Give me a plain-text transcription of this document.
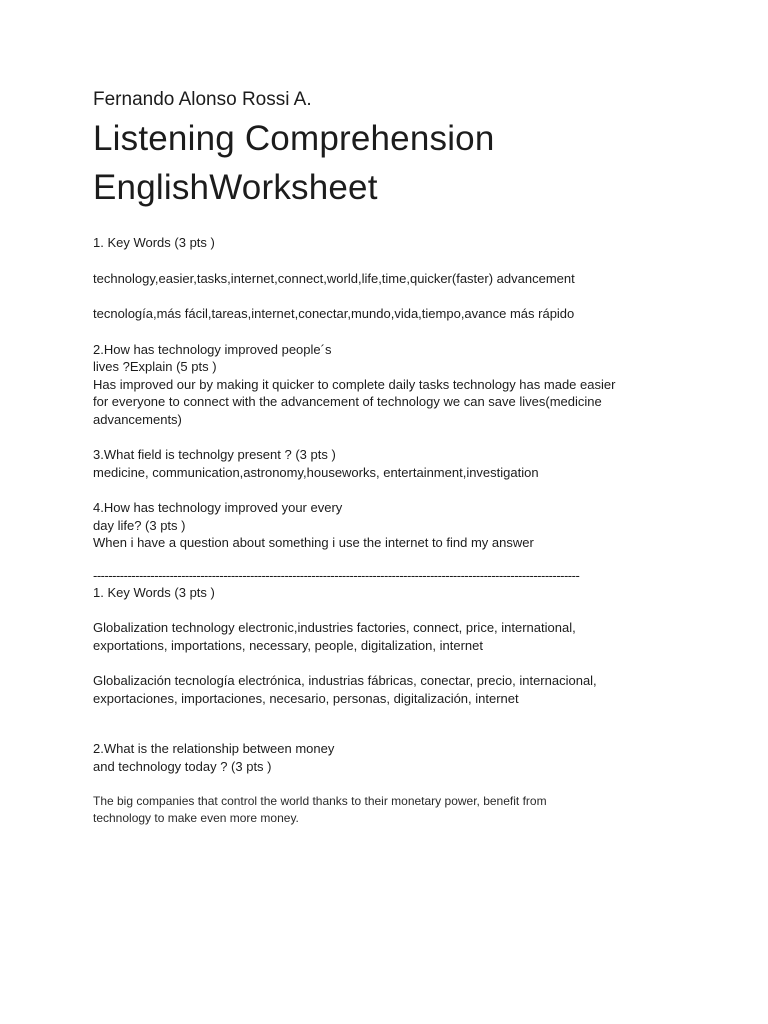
Fernando Alonso Rossi A.

Listening Comprehension
EnglishWorksheet

1. Key Words (3 pts )

technology,easier,tasks,internet,connect,world,life,time,quicker(faster) advancement

tecnología,más fácil,tareas,internet,conectar,mundo,vida,tiempo,avance más rápido

2.How has technology improved people´s

lives ?Explain (5 pts )

Has improved our by making it quicker to complete daily tasks technology has made easier

for everyone to connect with the advancement of technology we can save lives(medicine

advancements)

3.What field is technolgy present ? (3 pts )

medicine, communication,astronomy,houseworks, entertainment,investigation

4.How has technology improved your every

day life? (3 pts )

When i have a question about something i use the internet to find my answer

-------------------------------------------------------------------------------------------------------------------------------

1. Key Words (3 pts )

Globalization technology electronic,industries factories, connect, price, international,

exportations, importations, necessary, people, digitalization, internet

Globalización tecnología electrónica, industrias fábricas, conectar, precio, internacional,

exportaciones, importaciones, necesario, personas, digitalización, internet

2.What is the relationship between money

and technology today ? (3 pts )

The big companies that control the world thanks to their monetary power, benefit from

technology to make even more money.
